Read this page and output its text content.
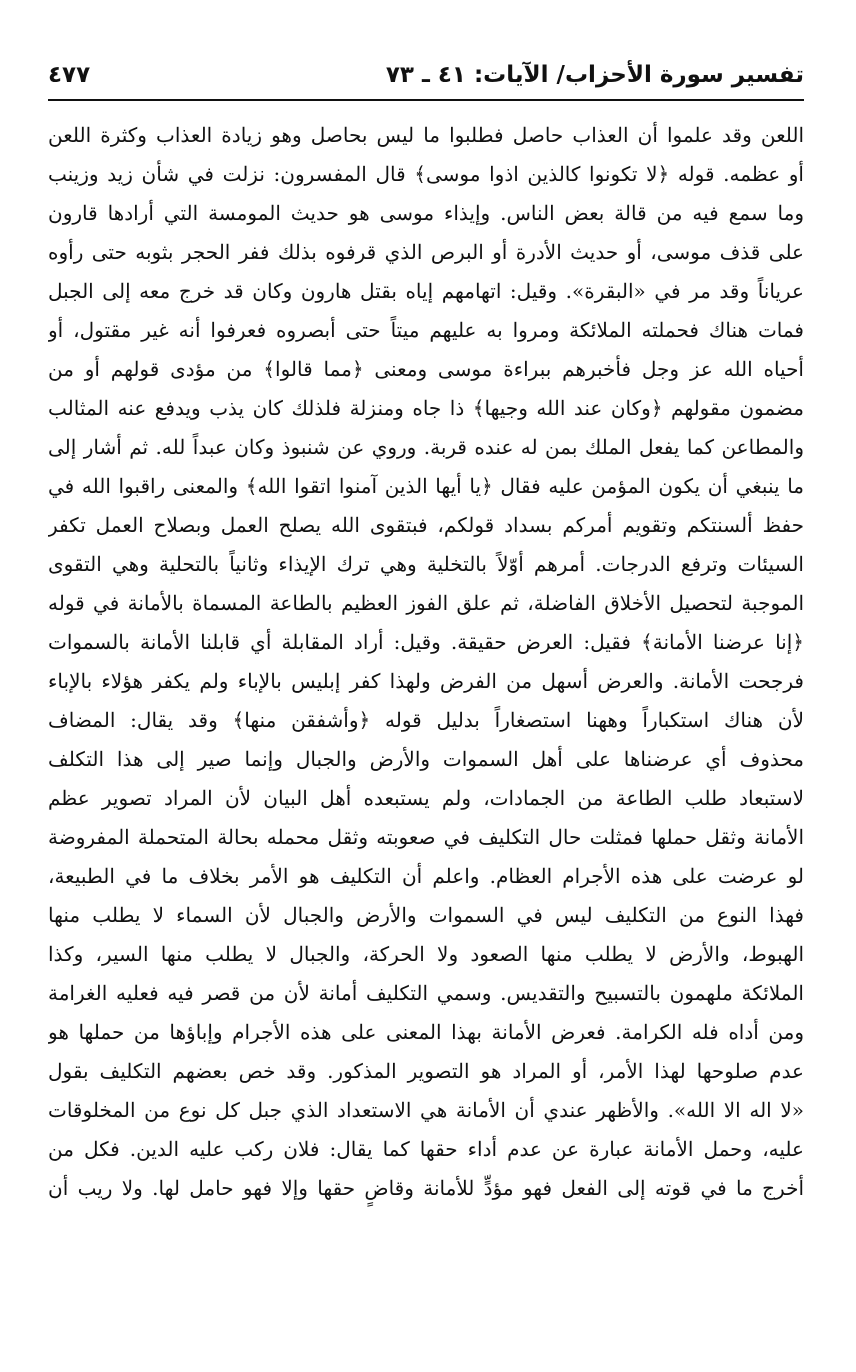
تفسير سورة الأحزاب/ الآيات: ٤١ ـ ٧٣
٤٧٧
اللعن وقد علموا أن العذاب حاصل فطلبوا ما ليس بحاصل وهو زيادة العذاب وكثرة اللعن
أو عظمه. قوله ﴿لا تكونوا كالذين اذوا موسى﴾ قال المفسرون: نزلت في شأن زيد وزينب
وما سمع فيه من قالة بعض الناس. وإيذاء موسى هو حديث المومسة التي أرادها قارون
على قذف موسى، أو حديث الأدرة أو البرص الذي قرفوه بذلك ففر الحجر بثوبه حتى رأوه
عرياناً وقد مر في «البقرة». وقيل: اتهامهم إياه بقتل هارون وكان قد خرج معه إلى الجبل
فمات هناك فحملته الملائكة ومروا به عليهم ميتاً حتى أبصروه فعرفوا أنه غير مقتول، أو
أحياه الله عز وجل فأخبرهم ببراءة موسى ومعنى ﴿مما قالوا﴾ من مؤدى قولهم أو من
مضمون مقولهم ﴿وكان عند الله وجيها﴾ ذا جاه ومنزلة فلذلك كان يذب ويدفع عنه المثالب
والمطاعن كما يفعل الملك بمن له عنده قربة. وروي عن شنبوذ وكان عبداً لله. ثم أشار إلى
ما ينبغي أن يكون المؤمن عليه فقال ﴿يا أيها الذين آمنوا اتقوا الله﴾ والمعنى راقبوا الله في
حفظ ألسنتكم وتقويم أمركم بسداد قولكم، فبتقوى الله يصلح العمل وبصلاح العمل تكفر
السيئات وترفع الدرجات. أمرهم أوّلاً بالتخلية وهي ترك الإيذاء وثانياً بالتحلية وهي التقوى
الموجبة لتحصيل الأخلاق الفاضلة، ثم علق الفوز العظيم بالطاعة المسماة بالأمانة في قوله
﴿إنا عرضنا الأمانة﴾ فقيل: العرض حقيقة. وقيل: أراد المقابلة أي قابلنا الأمانة بالسموات
فرجحت الأمانة. والعرض أسهل من الفرض ولهذا كفر إبليس بالإباء ولم يكفر هؤلاء بالإباء
لأن هناك استكباراً وههنا استصغاراً بدليل قوله ﴿وأشفقن منها﴾ وقد يقال: المضاف
محذوف أي عرضناها على أهل السموات والأرض والجبال وإنما صير إلى هذا التكلف
لاستبعاد طلب الطاعة من الجمادات، ولم يستبعده أهل البيان لأن المراد تصوير عظم
الأمانة وثقل حملها فمثلت حال التكليف في صعوبته وثقل محمله بحالة المتحملة المفروضة
لو عرضت على هذه الأجرام العظام. واعلم أن التكليف هو الأمر بخلاف ما في الطبيعة،
فهذا النوع من التكليف ليس في السموات والأرض والجبال لأن السماء لا يطلب منها
الهبوط، والأرض لا يطلب منها الصعود ولا الحركة، والجبال لا يطلب منها السير، وكذا
الملائكة ملهمون بالتسبيح والتقديس. وسمي التكليف أمانة لأن من قصر فيه فعليه الغرامة
ومن أداه فله الكرامة. فعرض الأمانة بهذا المعنى على هذه الأجرام وإباؤها من حملها هو
عدم صلوحها لهذا الأمر، أو المراد هو التصوير المذكور. وقد خص بعضهم التكليف بقول
«لا اله الا الله». والأظهر عندي أن الأمانة هي الاستعداد الذي جبل كل نوع من المخلوقات
عليه، وحمل الأمانة عبارة عن عدم أداء حقها كما يقال: فلان ركب عليه الدين. فكل من
أخرج ما في قوته إلى الفعل فهو مؤدٍّ للأمانة وقاضٍ حقها وإلا فهو حامل لها. ولا ريب أن
